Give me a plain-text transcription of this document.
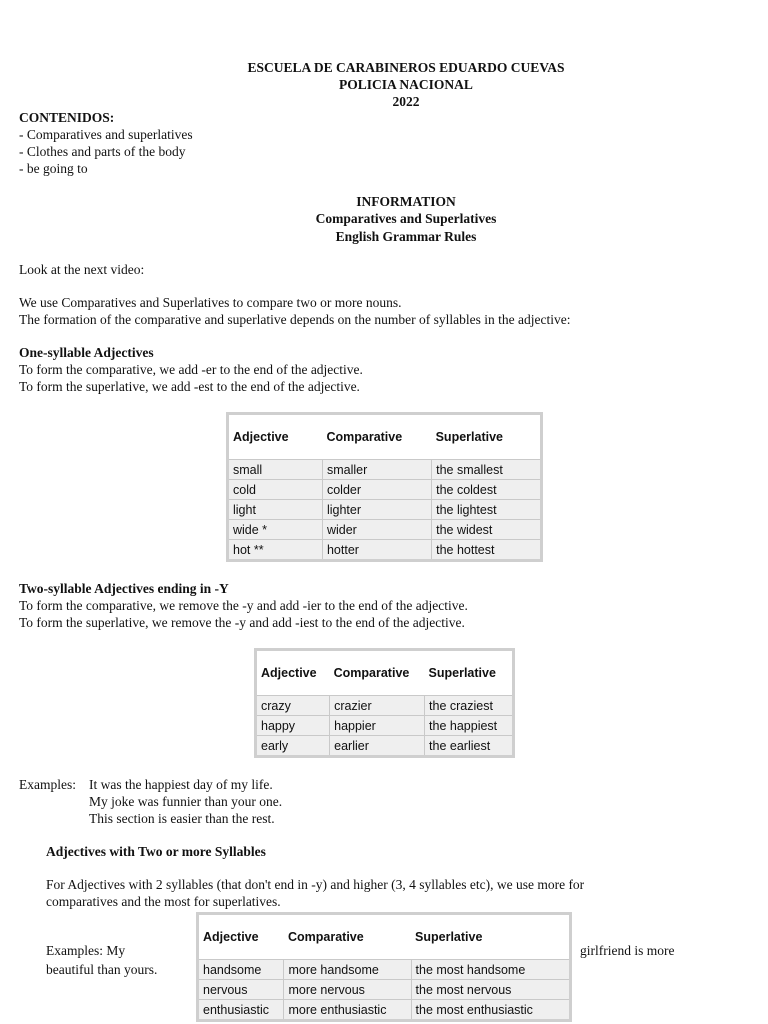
ESCUELA DE CARABINEROS EDUARDO CUEVAS
POLICIA NACIONAL
2022
CONTENIDOS:
- Comparatives and superlatives
- Clothes and parts of the body
- be going to
INFORMATION
Comparatives and Superlatives
English Grammar Rules
Look at the next video:
We use Comparatives and Superlatives to compare two or more nouns.
The formation of the comparative and superlative depends on the number of syllables in the adjective:
One-syllable Adjectives
To form the comparative, we add -er to the end of the adjective.
To form the superlative, we add -est to the end of the adjective.
Adjective	Comparative	Superlative
small	smaller	the smallest
cold	colder	the coldest
light	lighter	the lightest
wide *	wider	the widest
hot **	hotter	the hottest
Two-syllable Adjectives ending in -Y
To form the comparative, we remove the -y and add -ier to the end of the adjective.
To form the superlative, we remove the -y and add -iest to the end of the adjective.
Adjective	Comparative	Superlative
crazy	crazier	the craziest
happy	happier	the happiest
early	earlier	the earliest
Examples: It was the happiest day of my life.
My joke was funnier than your one.
This section is easier than the rest.
Adjectives with Two or more Syllables
For Adjectives with 2 syllables (that don't end in -y) and higher (3, 4 syllables etc), we use more for
comparatives and the most for superlatives.
Examples: My	girlfriend is more
beautiful than yours.
Adjective	Comparative	Superlative
handsome	more handsome	the most handsome
nervous	more nervous	the most nervous
enthusiastic	more enthusiastic	the most enthusiastic
